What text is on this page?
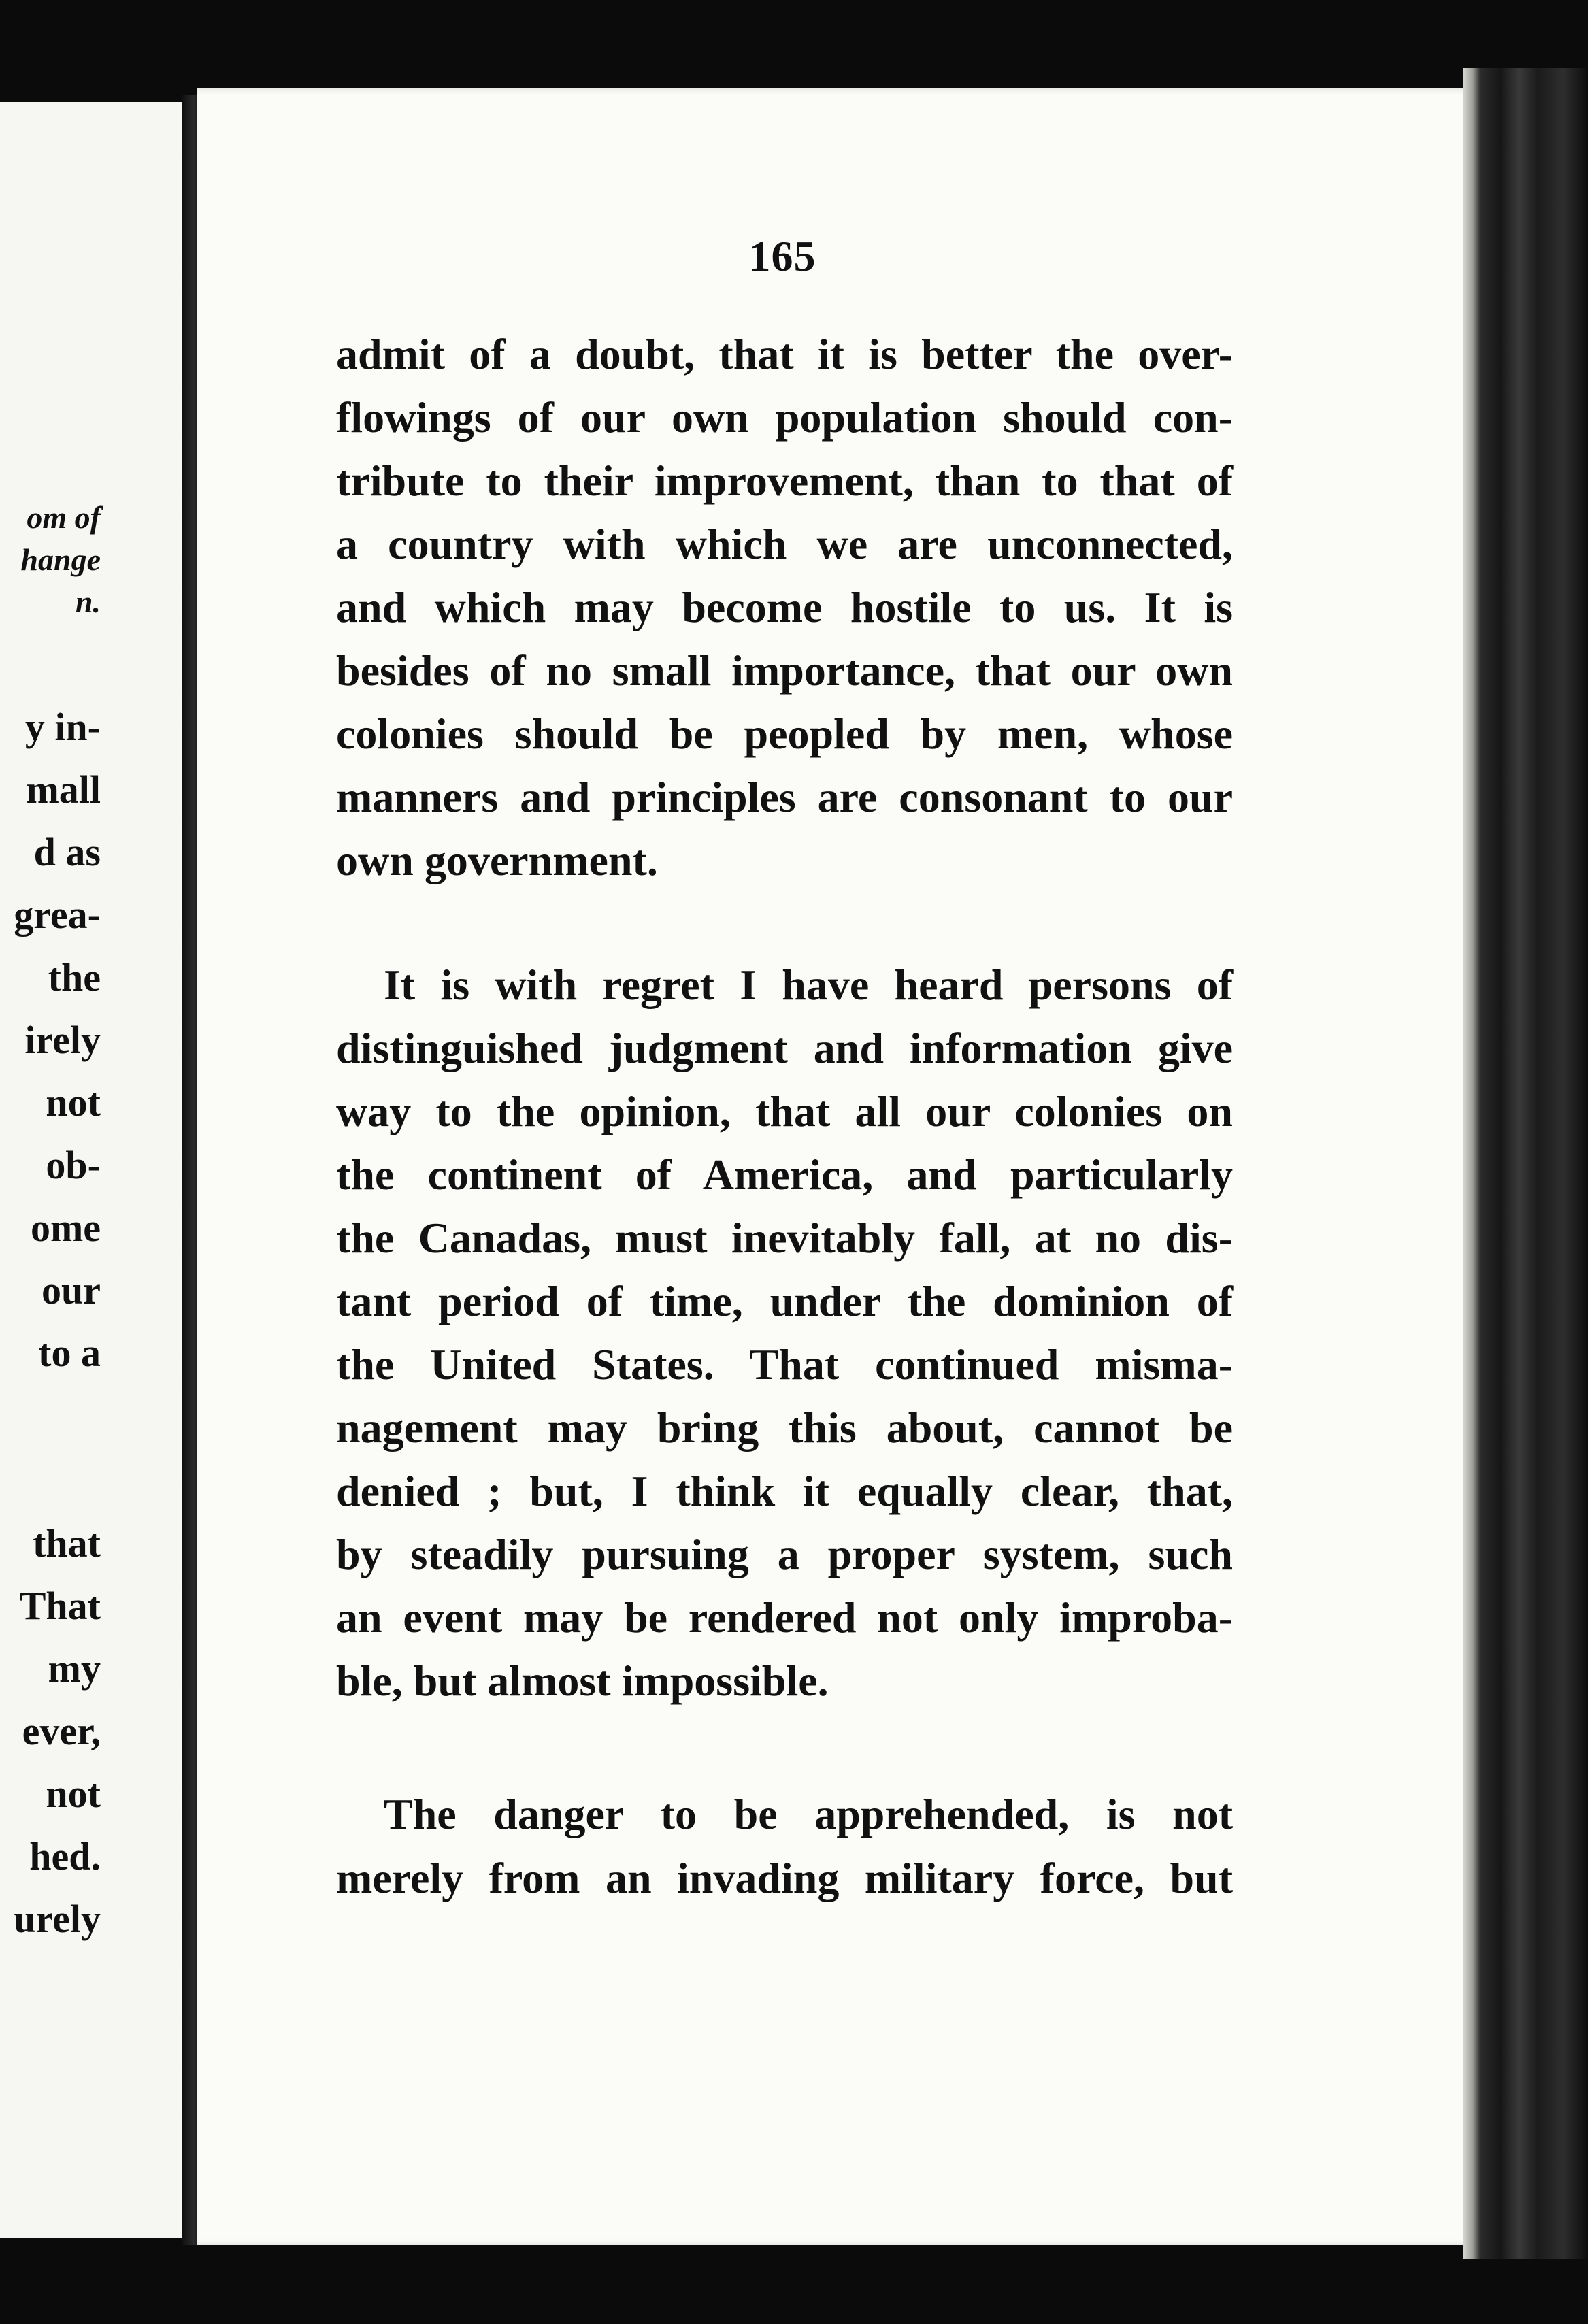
om of
hange
n.
y in-
mall
d as
grea-
the
irely
not
ob-
ome
our
to a
that
That
my
ever,
not
hed.
urely
165
admit of a doubt, that it is better the over-
flowings of our own population should con-
tribute to their improvement, than to that of
a country with which we are unconnected,
and which may become hostile to us. It is
besides of no small importance, that our own
colonies should be peopled by men, whose
manners and principles are consonant to our
own government.
It is with regret I have heard persons of
distinguished judgment and information give
way to the opinion, that all our colonies on
the continent of America, and particularly
the Canadas, must inevitably fall, at no dis-
tant period of time, under the dominion of
the United States. That continued misma-
nagement may bring this about, cannot be
denied ; but, I think it equally clear, that,
by steadily pursuing a proper system, such
an event may be rendered not only improba-
ble, but almost impossible.
The danger to be apprehended, is not
merely from an invading military force, but
